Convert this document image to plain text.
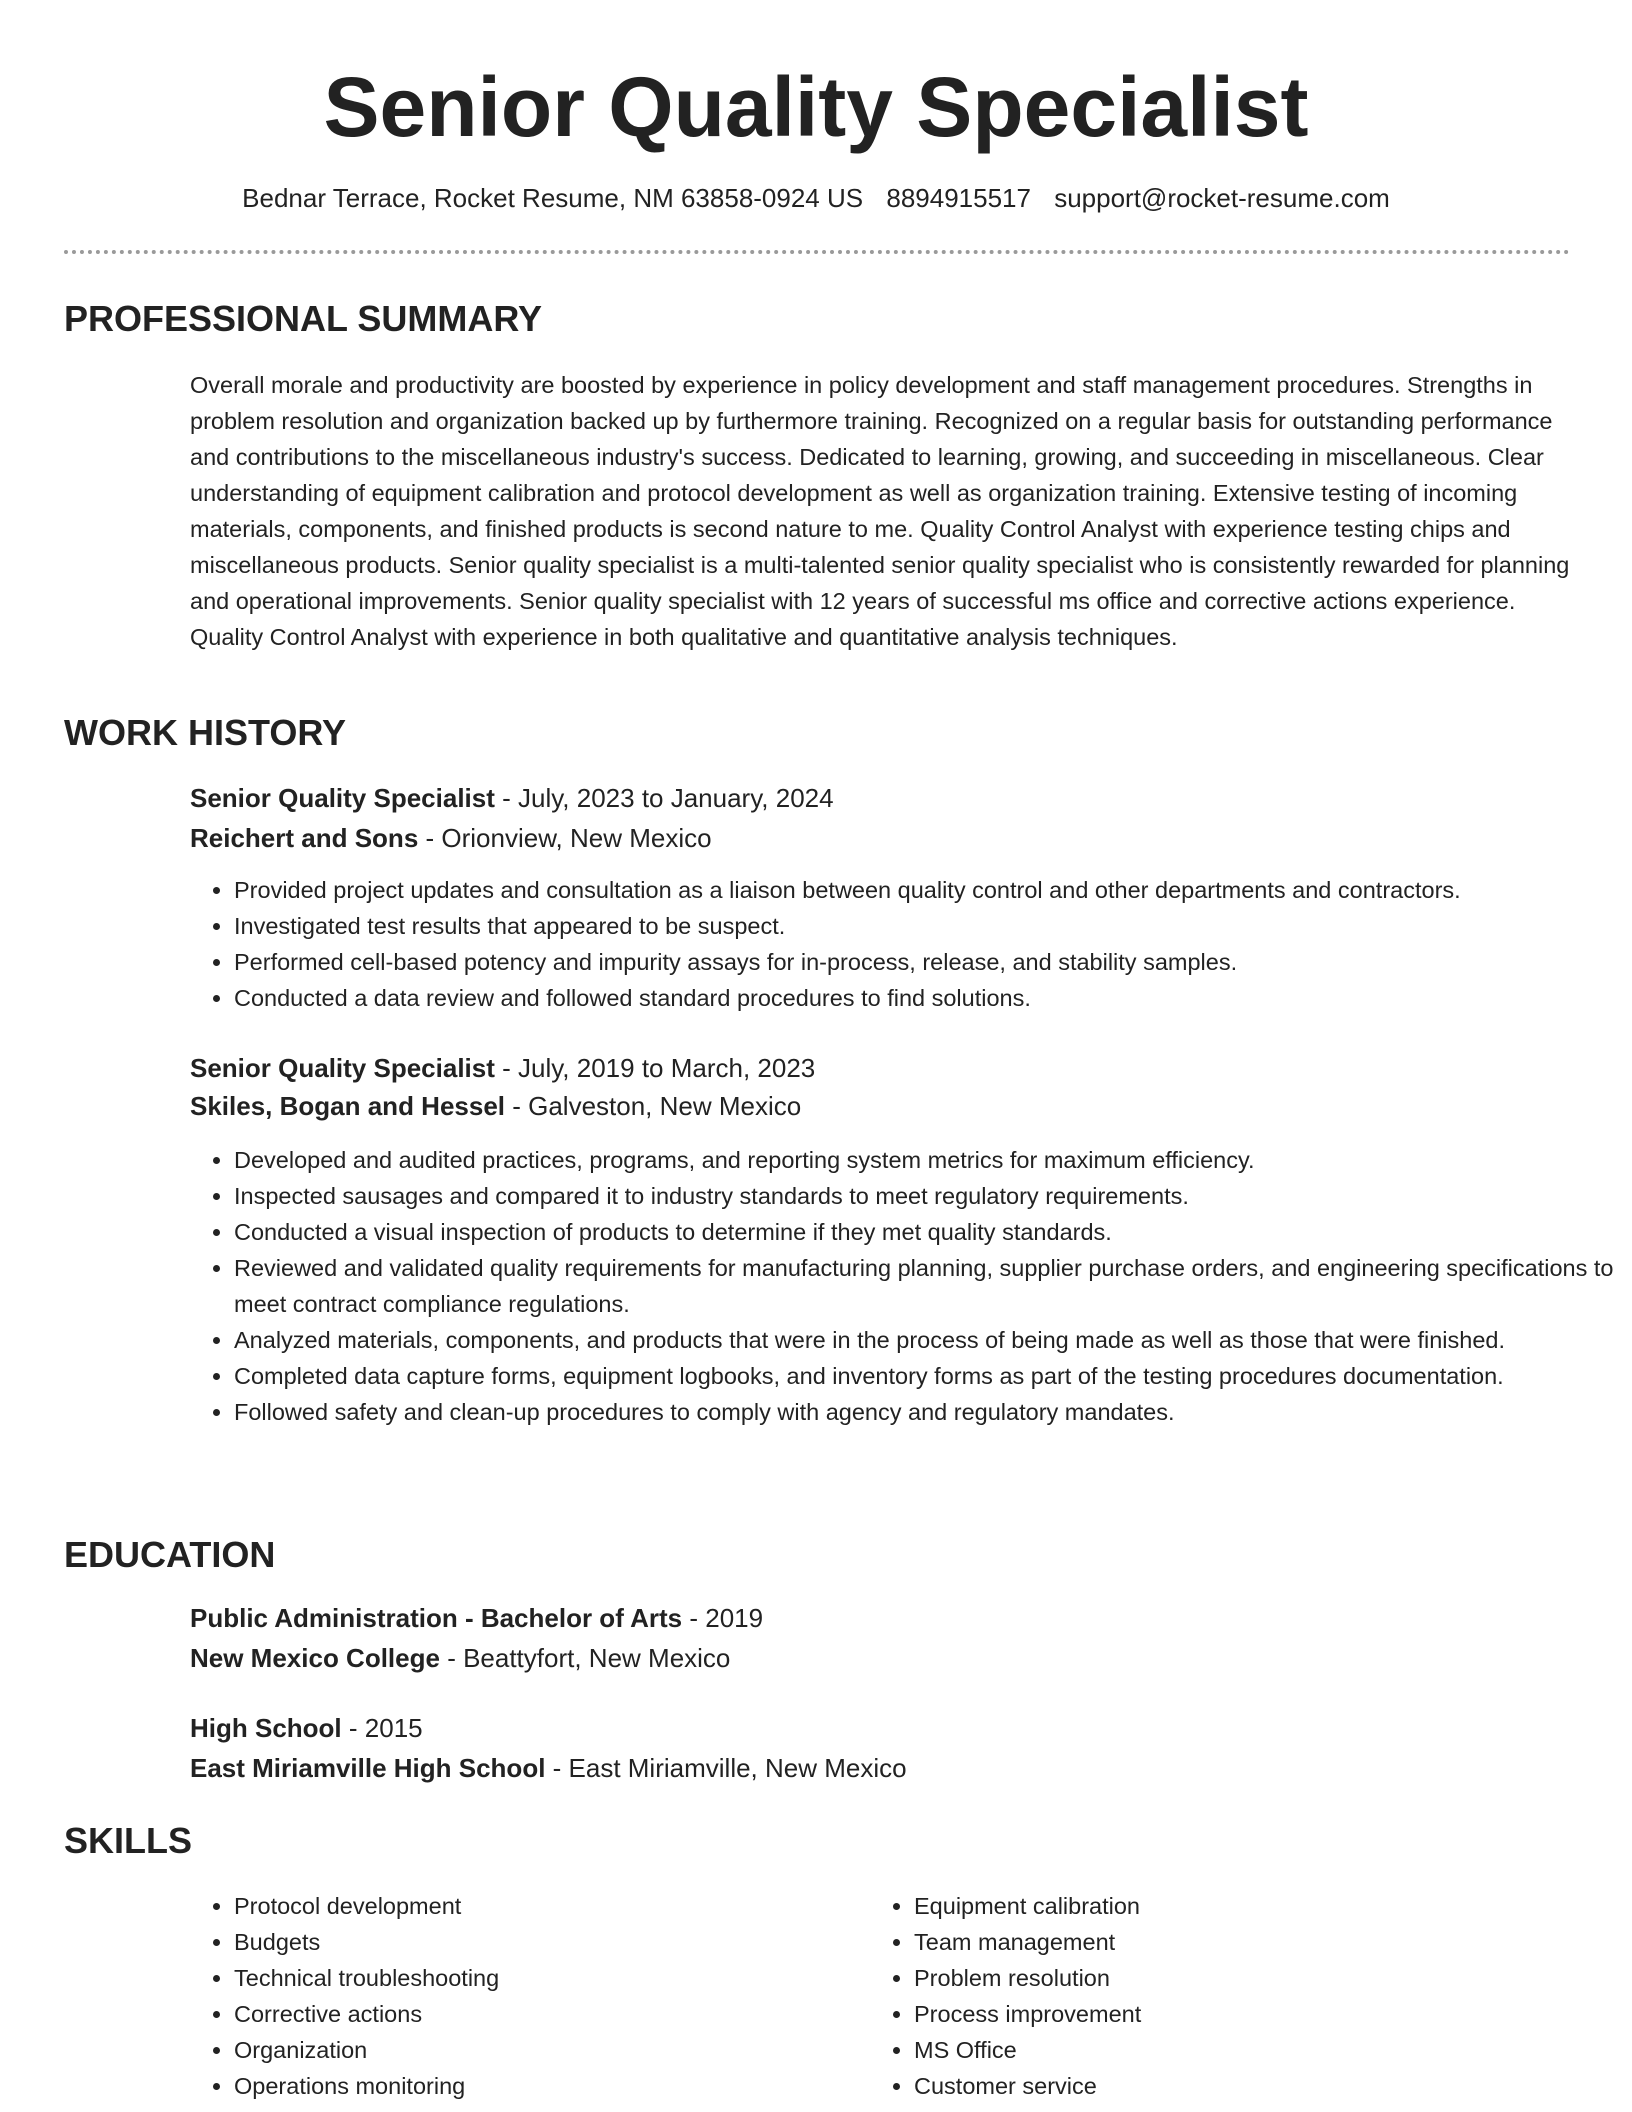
Senior Quality Specialist
Bednar Terrace, Rocket Resume, NM 63858-0924 US 8894915517 support@rocket-resume.com
PROFESSIONAL SUMMARY

Overall morale and productivity are boosted by experience in policy development and staff management procedures. Strengths in problem resolution and organization backed up by furthermore training. Recognized on a regular basis for outstanding performance and contributions to the miscellaneous industry's success. Dedicated to learning, growing, and succeeding in miscellaneous. Clear understanding of equipment calibration and protocol development as well as organization training. Extensive testing of incoming materials, components, and finished products is second nature to me. Quality Control Analyst with experience testing chips and miscellaneous products. Senior quality specialist is a multi-talented senior quality specialist who is consistently rewarded for planning and operational improvements. Senior quality specialist with 12 years of successful ms office and corrective actions experience. Quality Control Analyst with experience in both qualitative and quantitative analysis techniques.

WORK HISTORY
Senior Quality Specialist - July, 2023 to January, 2024
Reichert and Sons - Orionview, New Mexico
• Provided project updates and consultation as a liaison between quality control and other departments and contractors.
• Investigated test results that appeared to be suspect.
• Performed cell-based potency and impurity assays for in-process, release, and stability samples.
• Conducted a data review and followed standard procedures to find solutions.
Senior Quality Specialist - July, 2019 to March, 2023
Skiles, Bogan and Hessel - Galveston, New Mexico
• Developed and audited practices, programs, and reporting system metrics for maximum efficiency.
• Inspected sausages and compared it to industry standards to meet regulatory requirements.
• Conducted a visual inspection of products to determine if they met quality standards.
• Reviewed and validated quality requirements for manufacturing planning, supplier purchase orders, and engineering specifications to meet contract compliance regulations.
• Analyzed materials, components, and products that were in the process of being made as well as those that were finished.
• Completed data capture forms, equipment logbooks, and inventory forms as part of the testing procedures documentation.
• Followed safety and clean-up procedures to comply with agency and regulatory mandates.
EDUCATION
Public Administration - Bachelor of Arts - 2019
New Mexico College - Beattyfort, New Mexico
High School - 2015
East Miriamville High School - East Miriamville, New Mexico
SKILLS
• Protocol development
• Budgets
• Technical troubleshooting
• Corrective actions
• Organization
• Operations monitoring
• Equipment calibration
• Team management
• Problem resolution
• Process improvement
• MS Office
• Customer service
